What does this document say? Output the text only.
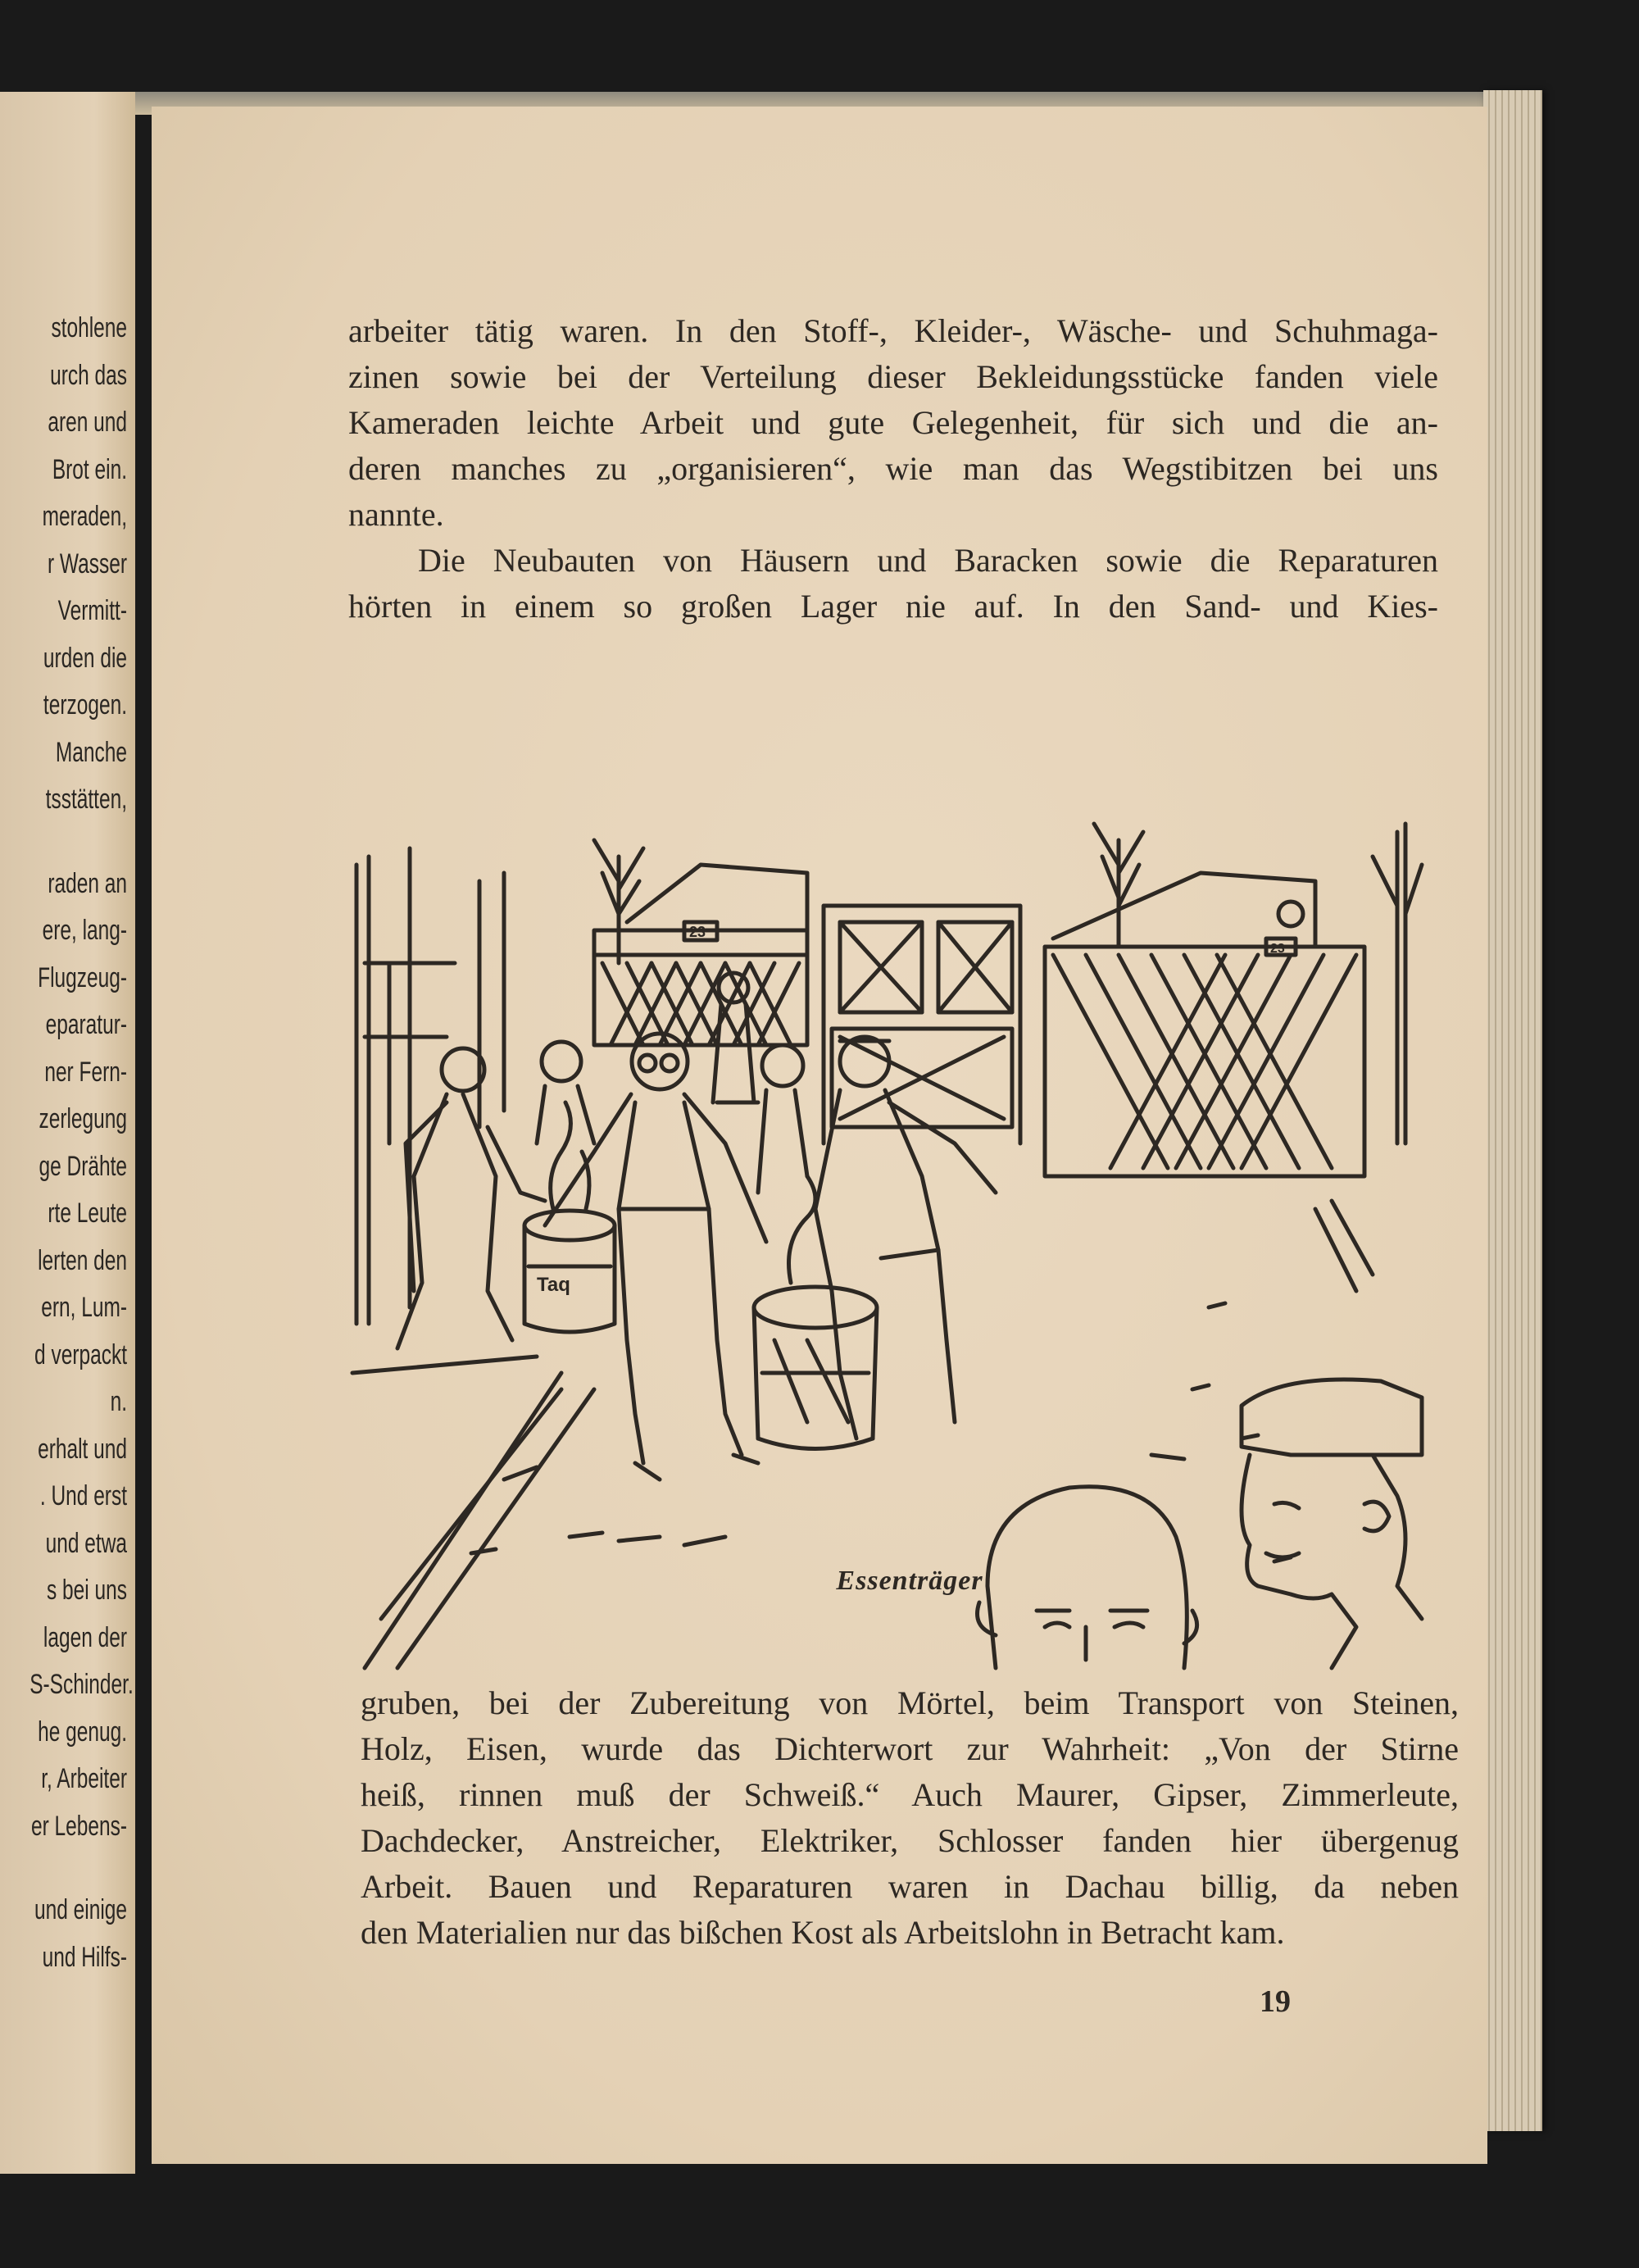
stohlene
urch das
aren und
Brot ein.
meraden,
r Wasser
Vermitt-
urden die
terzogen.
Manche
tsstätten,
raden an
ere, lang-
Flugzeug-
eparatur-
ner Fern-
zerlegung
ge Drähte
rte Leute
lerten den
ern, Lum-
d verpackt
n.
erhalt und
. Und erst
und etwa
s bei uns
lagen der
S-Schinder.
he genug.
r, Arbeiter
er Lebens-
und einige
und Hilfs-
arbeiter tätig waren. In den Stoff-, Kleider-, Wäsche- und Schuhmaga-
zinen sowie bei der Verteilung dieser Bekleidungsstücke fanden viele
Kameraden leichte Arbeit und gute Gelegenheit, für sich und die an-
deren manches zu „organisieren“, wie man das Wegstibitzen bei uns
nannte.
Die Neubauten von Häusern und Baracken sowie die Reparaturen
hörten in einem so großen Lager nie auf. In den Sand- und Kies-
23
23
Taq
Essenträger
gruben, bei der Zubereitung von Mörtel, beim Transport von Steinen,
Holz, Eisen, wurde das Dichterwort zur Wahrheit: „Von der Stirne
heiß, rinnen muß der Schweiß.“ Auch Maurer, Gipser, Zimmerleute,
Dachdecker, Anstreicher, Elektriker, Schlosser fanden hier übergenug
Arbeit. Bauen und Reparaturen waren in Dachau billig, da neben
den Materialien nur das bißchen Kost als Arbeitslohn in Betracht kam.
19
